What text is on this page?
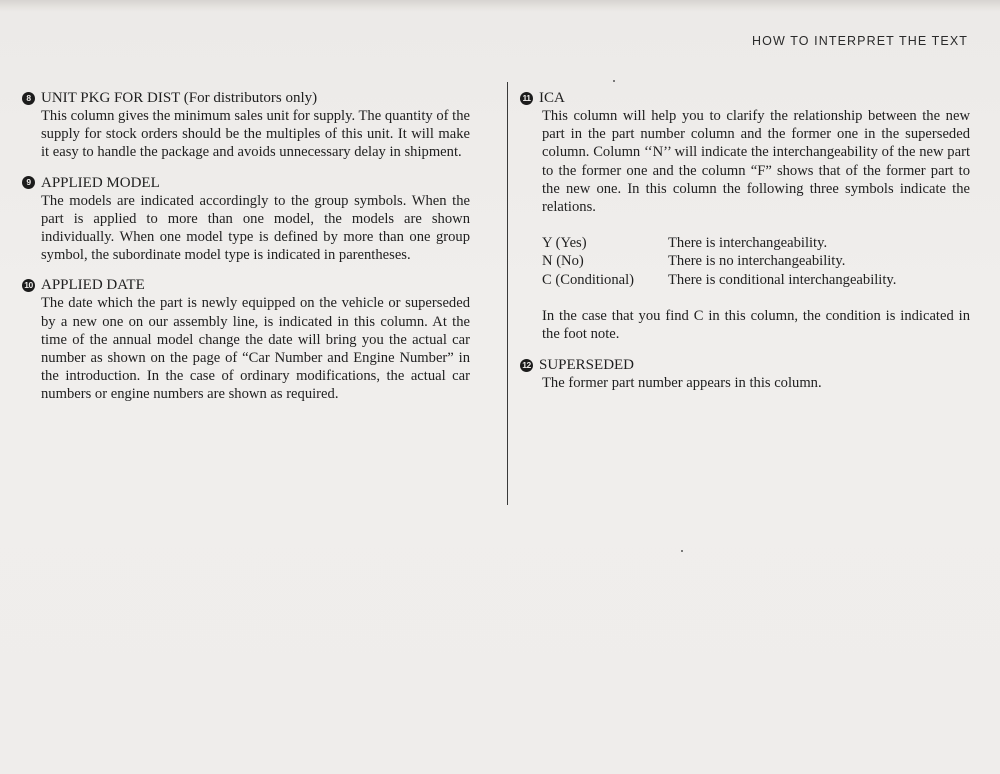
HOW TO INTERPRET THE TEXT
8 UNIT PKG FOR DIST (For distributors only)

This column gives the minimum sales unit for supply. The quantity of the supply for stock orders should be the multiples of this unit. It will make it easy to handle the package and avoids unnecessary delay in shipment.

9 APPLIED MODEL

The models are indicated accordingly to the group symbols. When the part is applied to more than one model, the models are shown individually. When one model type is defined by more than one group symbol, the subordinate model type is indicated in parentheses.

10 APPLIED DATE

The date which the part is newly equipped on the vehicle or superseded by a new one on our assembly line, is indicated in this column. At the time of the annual model change the date will bring you the actual car number as shown on the page of “Car Number and Engine Number” in the introduction. In the case of ordinary modifications, the actual car numbers or engine numbers are shown as required.

11 ICA

This column will help you to clarify the relationship between the new part in the part number column and the former one in the superseded column. Column ‘‘N’’ will indicate the interchangeability of the new part to the former one and the column “F” shows that of the former part to the new one. In this column the following three symbols indicate the relations.

Y (Yes)	There is interchangeability.
N (No)	There is no interchangeability.
C (Conditional)	There is conditional interchangeability.

In the case that you find C in this column, the condition is indicated in the foot note.

12 SUPERSEDED

The former part number appears in this column.
